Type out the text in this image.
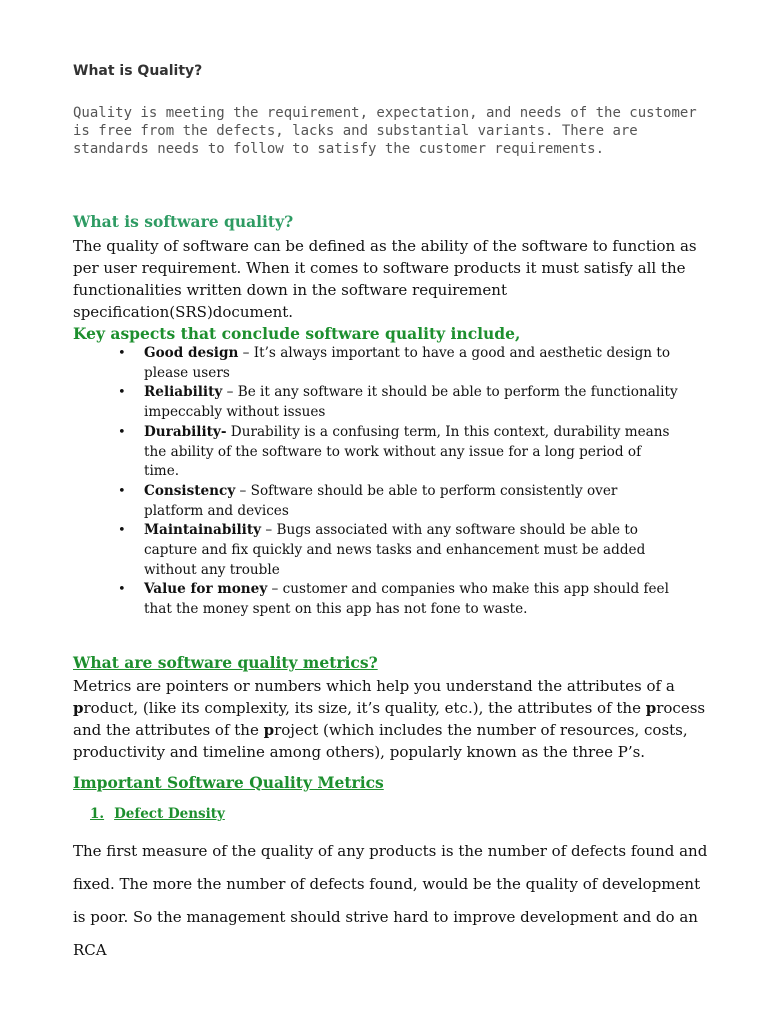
What is Quality?

Quality is meeting the requirement, expectation, and needs of the customer is free from the defects, lacks and substantial variants. There are standards needs to follow to satisfy the customer requirements.

What is software quality?

The quality of software can be defined as the ability of the software to function as per user requirement. When it comes to software products it must satisfy all the functionalities written down in the software requirement specification(SRS)document.

Key aspects that conclude software quality include,

• Good design – It’s always important to have a good and aesthetic design to please users
• Reliability – Be it any software it should be able to perform the functionality impeccably without issues
• Durability- Durability is a confusing term, In this context, durability means the ability of the software to work without any issue for a long period of time.
• Consistency – Software should be able to perform consistently over platform and devices
• Maintainability – Bugs associated with any software should be able to capture and fix quickly and news tasks and enhancement must be added without any trouble
• Value for money – customer and companies who make this app should feel that the money spent on this app has not fone to waste.

What are software quality metrics?

Metrics are pointers or numbers which help you understand the attributes of a product, (like its complexity, its size, it’s quality, etc.), the attributes of the process and the attributes of the project (which includes the number of resources, costs, productivity and timeline among others), popularly known as the three P’s.

Important Software Quality Metrics

1. Defect Density

The first measure of the quality of any products is the number of defects found and fixed. The more the number of defects found, would be the quality of development is poor. So the management should strive hard to improve development and do an RCA
